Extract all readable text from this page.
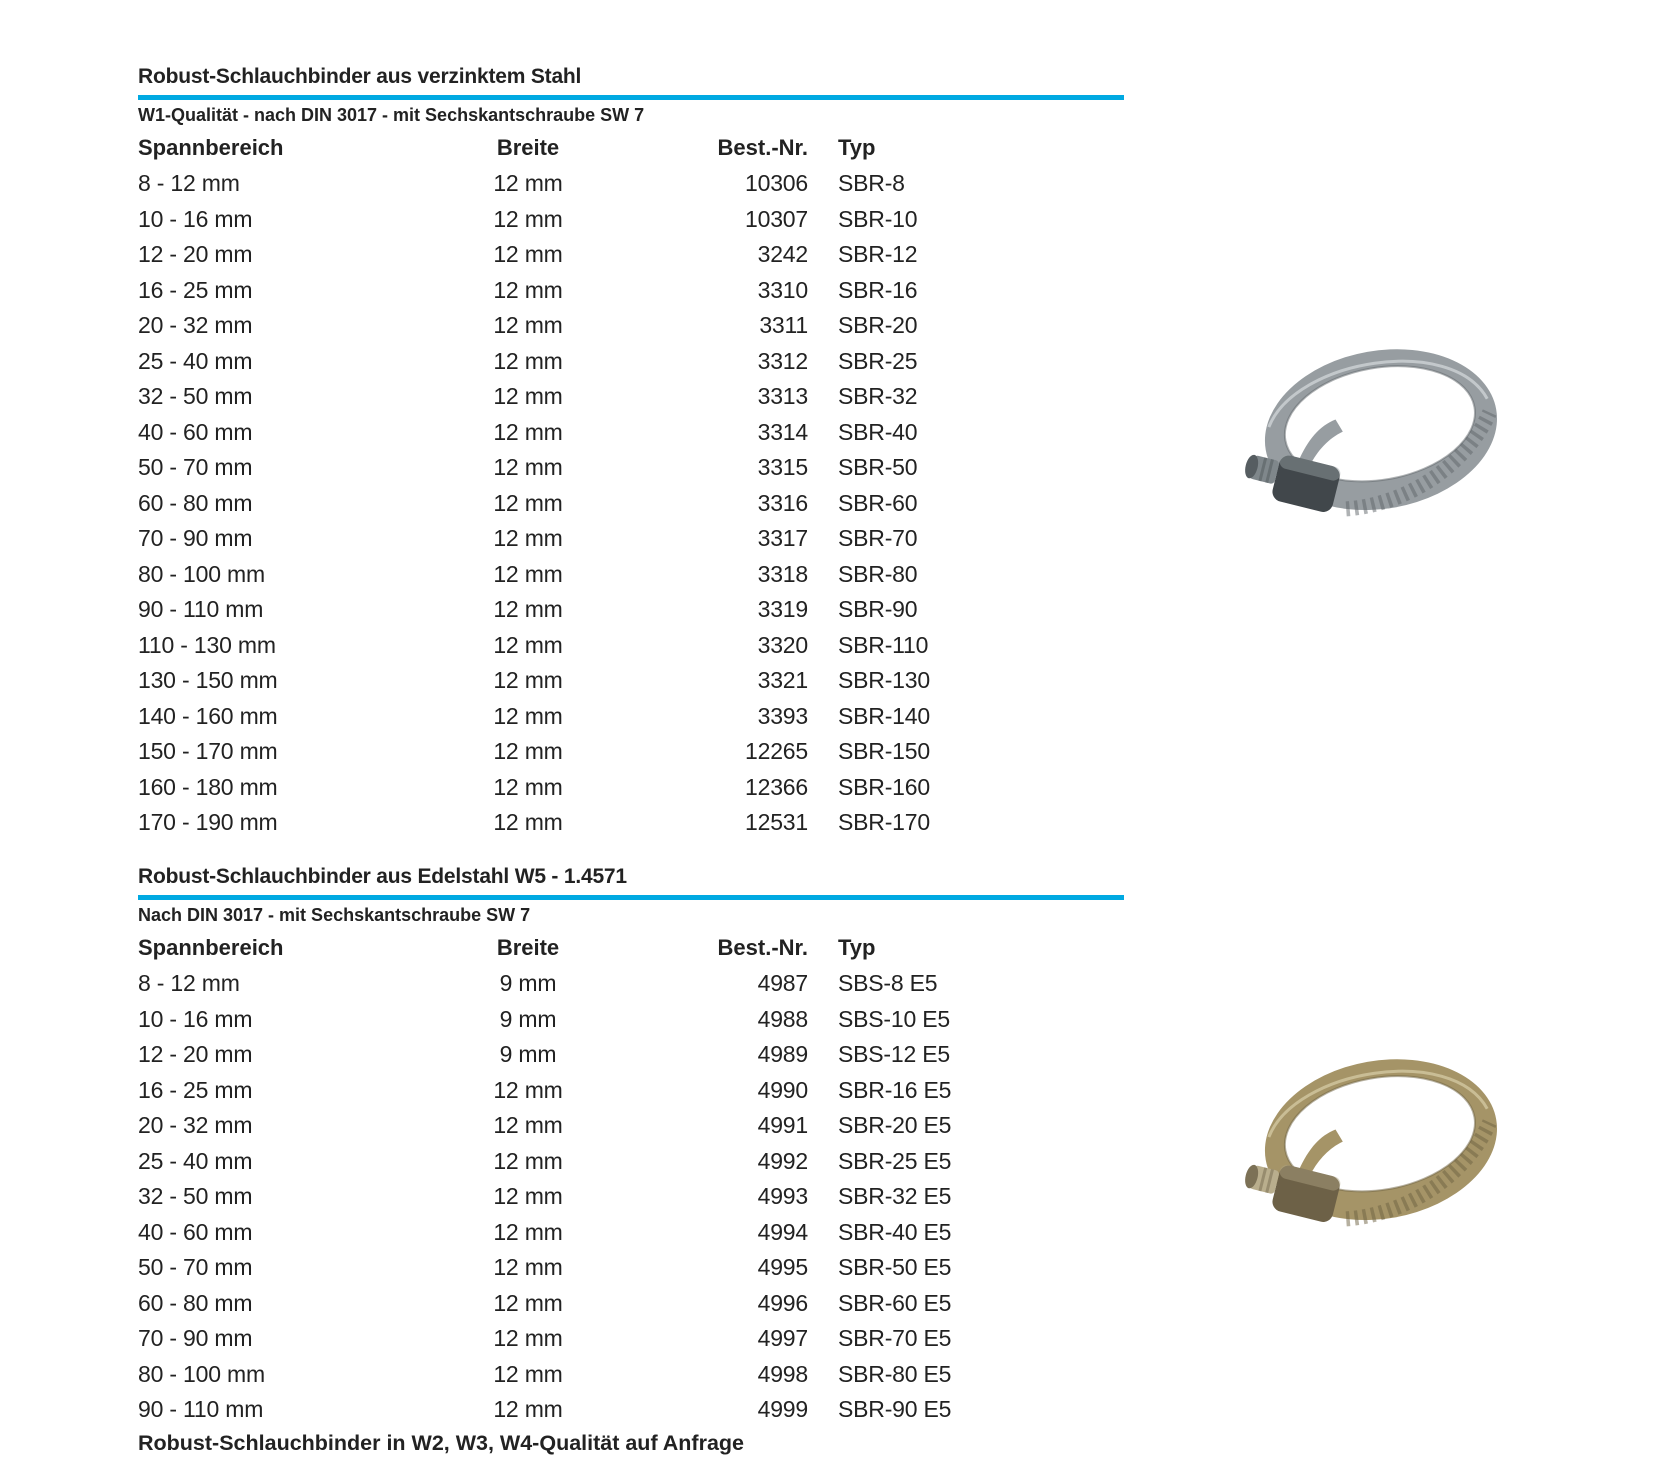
Robust-Schlauchbinder aus verzinktem Stahl
W1-Qualität - nach DIN 3017 - mit Sechskantschraube SW 7
Spannbereich	Breite	Best.-Nr.	Typ
8 - 12 mm	12 mm	10306	SBR-8
10 - 16 mm	12 mm	10307	SBR-10
12 - 20 mm	12 mm	3242	SBR-12
16 - 25 mm	12 mm	3310	SBR-16
20 - 32 mm	12 mm	3311	SBR-20
25 - 40 mm	12 mm	3312	SBR-25
32 - 50 mm	12 mm	3313	SBR-32
40 - 60 mm	12 mm	3314	SBR-40
50 - 70 mm	12 mm	3315	SBR-50
60 - 80 mm	12 mm	3316	SBR-60
70 - 90 mm	12 mm	3317	SBR-70
80 - 100 mm	12 mm	3318	SBR-80
90 - 110 mm	12 mm	3319	SBR-90
110 - 130 mm	12 mm	3320	SBR-110
130 - 150 mm	12 mm	3321	SBR-130
140 - 160 mm	12 mm	3393	SBR-140
150 - 170 mm	12 mm	12265	SBR-150
160 - 180 mm	12 mm	12366	SBR-160
170 - 190 mm	12 mm	12531	SBR-170
Robust-Schlauchbinder aus Edelstahl W5 - 1.4571
Nach DIN 3017 - mit Sechskantschraube SW 7
Spannbereich	Breite	Best.-Nr.	Typ
8 - 12 mm	9 mm	4987	SBS-8 E5
10 - 16 mm	9 mm	4988	SBS-10 E5
12 - 20 mm	9 mm	4989	SBS-12 E5
16 - 25 mm	12 mm	4990	SBR-16 E5
20 - 32 mm	12 mm	4991	SBR-20 E5
25 - 40 mm	12 mm	4992	SBR-25 E5
32 - 50 mm	12 mm	4993	SBR-32 E5
40 - 60 mm	12 mm	4994	SBR-40 E5
50 - 70 mm	12 mm	4995	SBR-50 E5
60 - 80 mm	12 mm	4996	SBR-60 E5
70 - 90 mm	12 mm	4997	SBR-70 E5
80 - 100 mm	12 mm	4998	SBR-80 E5
90 - 110 mm	12 mm	4999	SBR-90 E5
Robust-Schlauchbinder in W2, W3, W4-Qualität auf Anfrage
